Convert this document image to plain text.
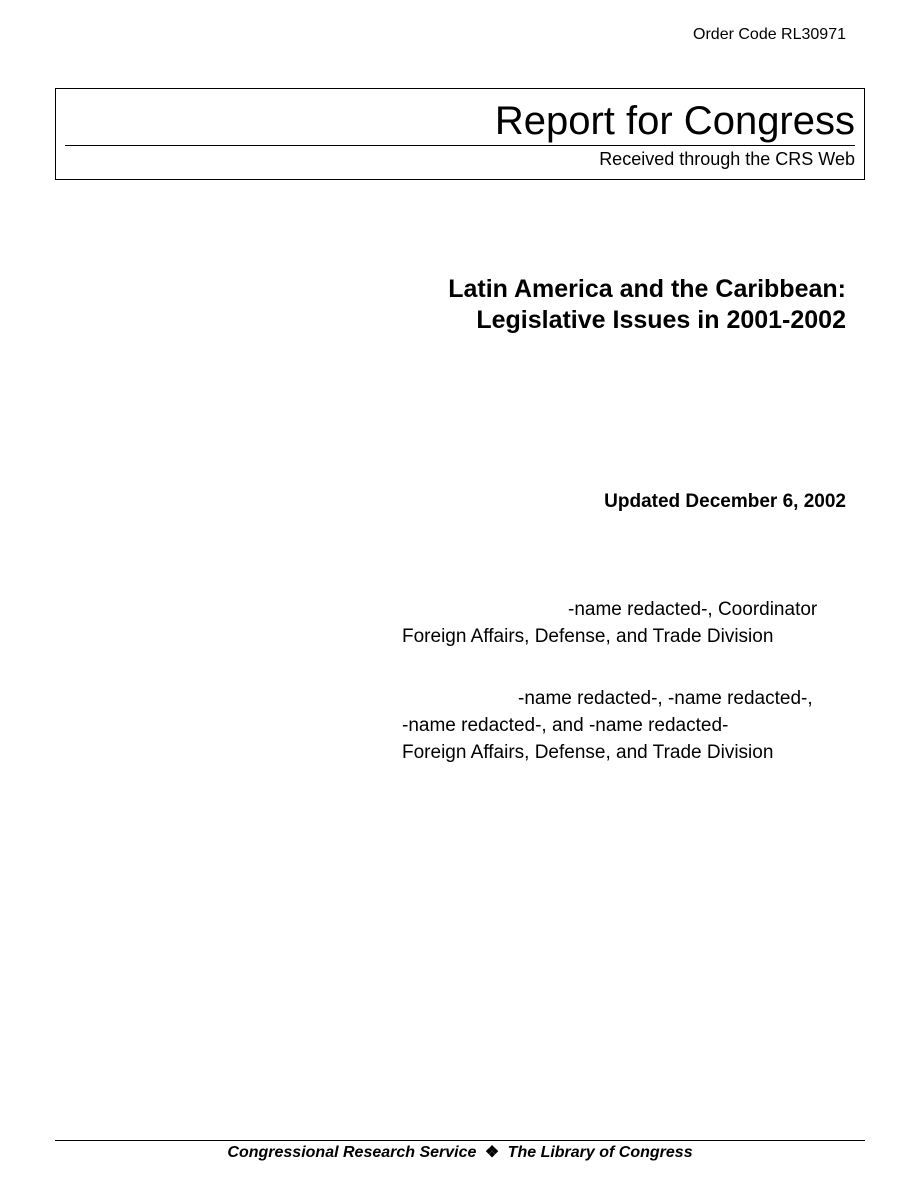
Order Code RL30971
Report for Congress
Received through the CRS Web
Latin America and the Caribbean:
Legislative Issues in 2001-2002
Updated December 6, 2002
-name redacted-, Coordinator
Foreign Affairs, Defense, and Trade Division
-name redacted-, -name redacted-,
-name redacted-, and -name redacted-
Foreign Affairs, Defense, and Trade Division
Congressional Research Service ❖ The Library of Congress
